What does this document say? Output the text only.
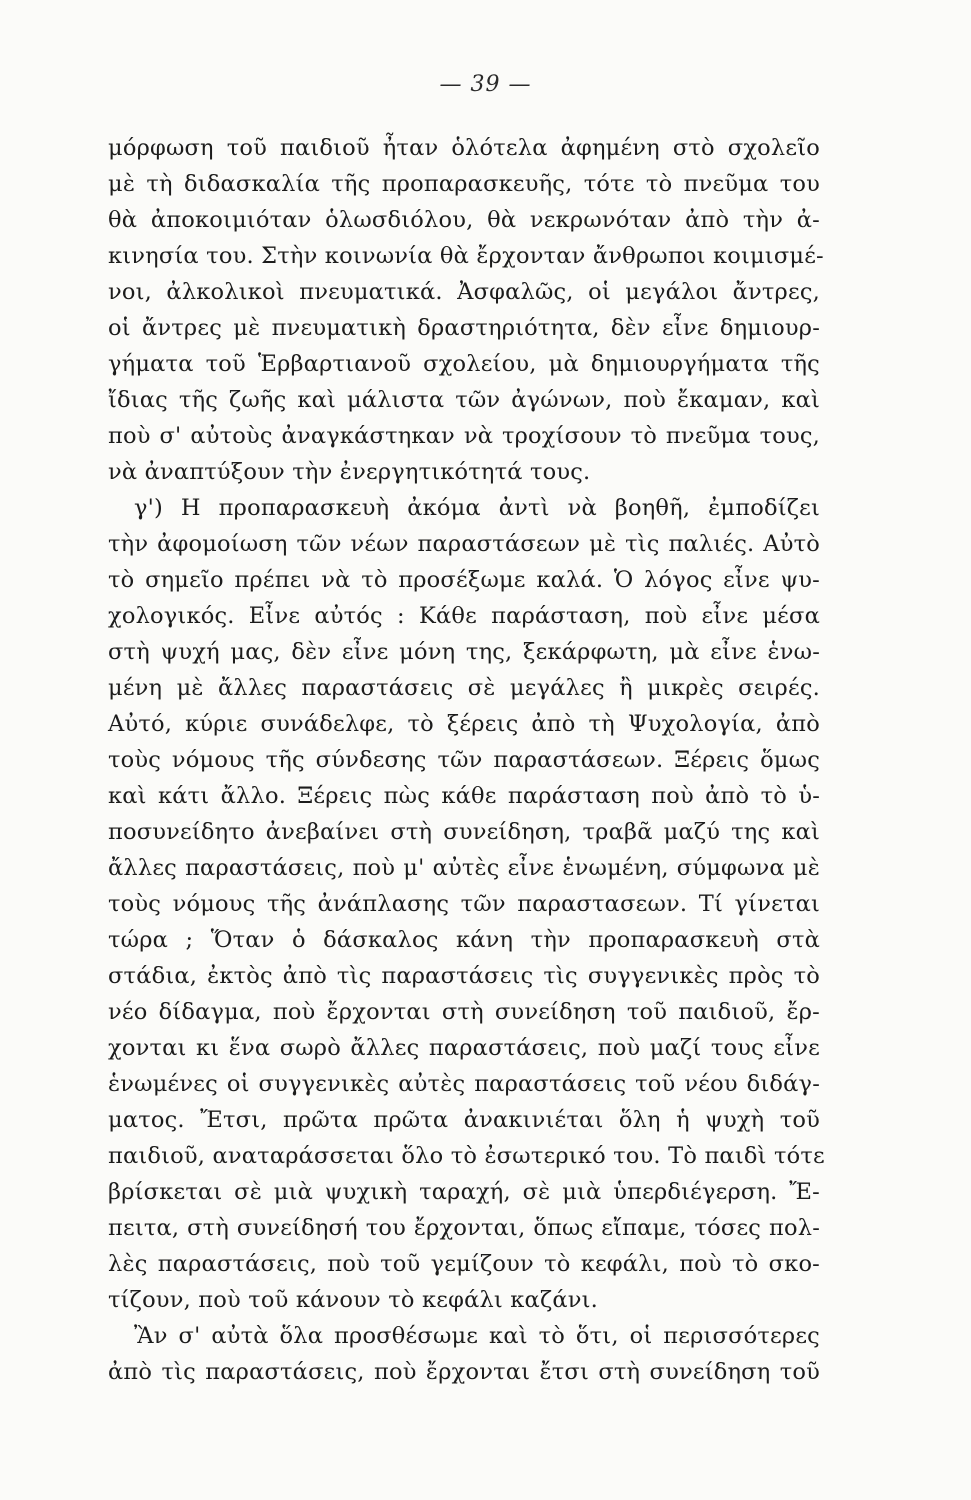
— 39 —
μόρφωση τοῦ παιδιοῦ ἦταν ὁλότελα ἀφημένη στὸ σχολεῖο
μὲ τὴ διδασκαλία τῆς προπαρασκευῆς, τότε τὸ πνεῦμα του
θὰ ἀποκοιμιόταν ὁλωσδιόλου, θὰ νεκρωνόταν ἀπὸ τὴν ἀ-
κινησία του. Στὴν κοινωνία θὰ ἔρχονταν ἄνθρωποι κοιμισμέ-
νοι, ἀλκολικοὶ πνευματικά. Ἀσφαλῶς, οἱ μεγάλοι ἄντρες,
οἱ ἄντρες μὲ πνευματικὴ δραστηριότητα, δὲν εἶνε δημιουρ-
γήματα τοῦ Ἑρβαρτιανοῦ σχολείου, μὰ δημιουργήματα τῆς
ἴδιας τῆς ζωῆς καὶ μάλιστα τῶν ἀγώνων, ποὺ ἔκαμαν, καὶ
ποὺ σ' αὐτοὺς ἀναγκάστηκαν νὰ τροχίσουν τὸ πνεῦμα τους,
νὰ ἀναπτύξουν τὴν ἐνεργητικότητά τους.
γ') Η προπαρασκευὴ ἀκόμα ἀντὶ νὰ βοηθῆ, ἐμποδίζει
τὴν ἀφομοίωση τῶν νέων παραστάσεων μὲ τὶς παλιές. Αὐτὸ
τὸ σημεῖο πρέπει νὰ τὸ προσέξωμε καλά. Ὁ λόγος εἶνε ψυ-
χολογικός. Εἶνε αὐτός : Κάθε παράσταση, ποὺ εἶνε μέσα
στὴ ψυχή μας, δὲν εἶνε μόνη της, ξεκάρφωτη, μὰ εἶνε ἑνω-
μένη μὲ ἄλλες παραστάσεις σὲ μεγάλες ἢ μικρὲς σειρές.
Αὐτό, κύριε συνάδελφε, τὸ ξέρεις ἀπὸ τὴ Ψυχολογία, ἀπὸ
τοὺς νόμους τῆς σύνδεσης τῶν παραστάσεων. Ξέρεις ὅμως
καὶ κάτι ἄλλο. Ξέρεις πὼς κάθε παράσταση ποὺ ἀπὸ τὸ ὑ-
ποσυνείδητο ἀνεβαίνει στὴ συνείδηση, τραβᾶ μαζύ της καὶ
ἄλλες παραστάσεις, ποὺ μ' αὐτὲς εἶνε ἑνωμένη, σύμφωνα μὲ
τοὺς νόμους τῆς ἀνάπλασης τῶν παραστασεων. Τί γίνεται
τώρα ; Ὅταν ὁ δάσκαλος κάνη τὴν προπαρασκευὴ στὰ
στάδια, ἐκτὸς ἀπὸ τὶς παραστάσεις τὶς συγγενικὲς πρὸς τὸ
νέο δίδαγμα, ποὺ ἔρχονται στὴ συνείδηση τοῦ παιδιοῦ, ἔρ-
χονται κι ἕνα σωρὸ ἄλλες παραστάσεις, ποὺ μαζί τους εἶνε
ἑνωμένες οἱ συγγενικὲς αὐτὲς παραστάσεις τοῦ νέου διδάγ-
ματος. Ἔτσι, πρῶτα πρῶτα ἀνακινιέται ὅλη ἡ ψυχὴ τοῦ
παιδιοῦ, αναταράσσεται ὅλο τὸ ἐσωτερικό του. Τὸ παιδὶ τότε
βρίσκεται σὲ μιὰ ψυχικὴ ταραχή, σὲ μιὰ ὑπερδιέγερση. Ἔ-
πειτα, στὴ συνείδησή του ἔρχονται, ὅπως εἴπαμε, τόσες πολ-
λὲς παραστάσεις, ποὺ τοῦ γεμίζουν τὸ κεφάλι, ποὺ τὸ σκο-
τίζουν, ποὺ τοῦ κάνουν τὸ κεφάλι καζάνι.
Ἂν σ' αὐτὰ ὅλα προσθέσωμε καὶ τὸ ὅτι, οἱ περισσότερες
ἀπὸ τὶς παραστάσεις, ποὺ ἔρχονται ἔτσι στὴ συνείδηση τοῦ
